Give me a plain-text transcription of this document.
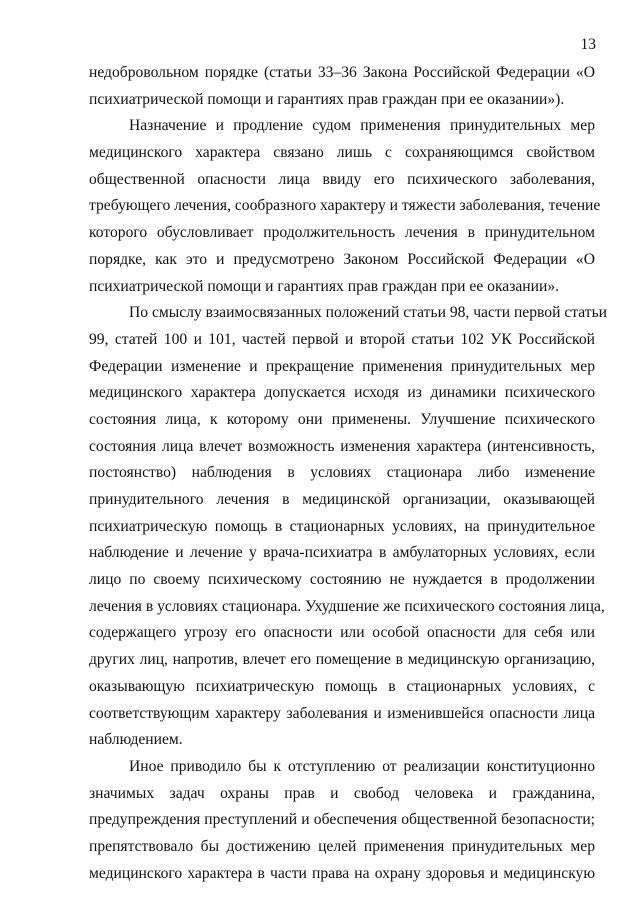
13
недобровольном порядке (статьи 33–36 Закона Российской Федерации «О
психиатрической помощи и гарантиях прав граждан при ее оказании»).
Назначение и продление судом применения принудительных мер
медицинского характера связано лишь с сохраняющимся свойством
общественной опасности лица ввиду его психического заболевания,
требующего лечения, сообразного характеру и тяжести заболевания, течение
которого обусловливает продолжительность лечения в принудительном
порядке, как это и предусмотрено Законом Российской Федерации «О
психиатрической помощи и гарантиях прав граждан при ее оказании».
По смыслу взаимосвязанных положений статьи 98, части первой статьи
99, статей 100 и 101, частей первой и второй статьи 102 УК Российской
Федерации изменение и прекращение применения принудительных мер
медицинского характера допускается исходя из динамики психического
состояния лица, к которому они применены. Улучшение психического
состояния лица влечет возможность изменения характера (интенсивность,
постоянство) наблюдения в условиях стационара либо изменение
принудительного лечения в медицинской организации, оказывающей
психиатрическую помощь в стационарных условиях, на принудительное
наблюдение и лечение у врача-психиатра в амбулаторных условиях, если
лицо по своему психическому состоянию не нуждается в продолжении
лечения в условиях стационара. Ухудшение же психического состояния лица,
содержащего угрозу его опасности или особой опасности для себя или
других лиц, напротив, влечет его помещение в медицинскую организацию,
оказывающую психиатрическую помощь в стационарных условиях, с
соответствующим характеру заболевания и изменившейся опасности лица
наблюдением.
Иное приводило бы к отступлению от реализации конституционно
значимых задач охраны прав и свобод человека и гражданина,
предупреждения преступлений и обеспечения общественной безопасности;
препятствовало бы достижению целей применения принудительных мер
медицинского характера в части права на охрану здоровья и медицинскую
